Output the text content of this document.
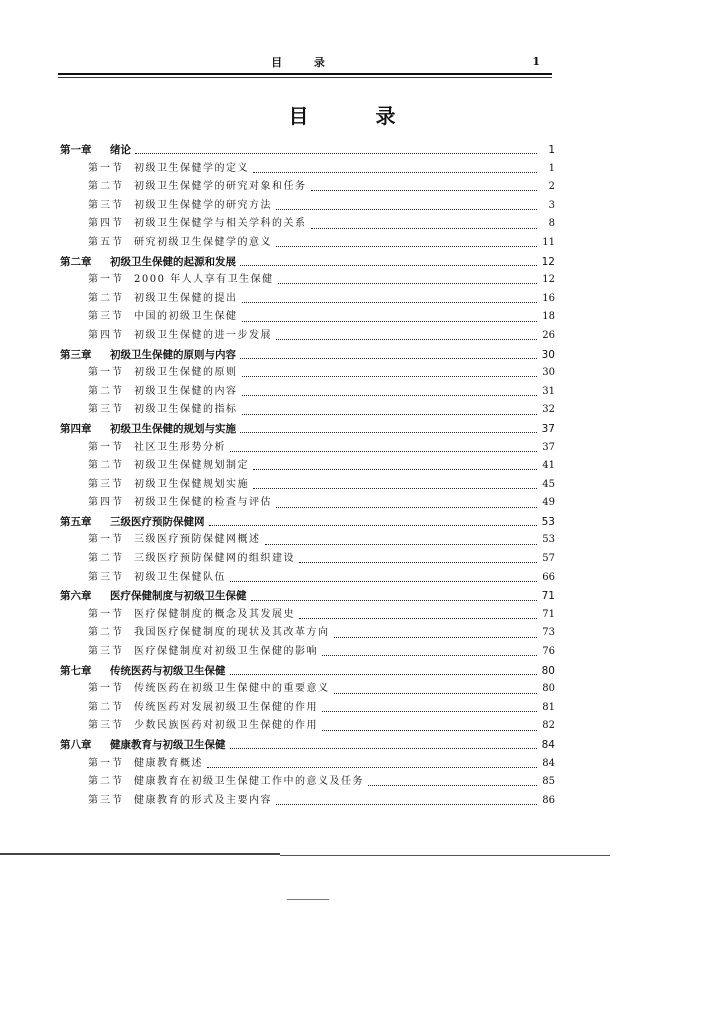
目 录	1
目 录
第一章	绪论	1
第一节	初级卫生保健学的定义	1
第二节	初级卫生保健学的研究对象和任务	2
第三节	初级卫生保健学的研究方法	3
第四节	初级卫生保健学与相关学科的关系	8
第五节	研究初级卫生保健学的意义	11
第二章	初级卫生保健的起源和发展	12
第一节	2000 年人人享有卫生保健	12
第二节	初级卫生保健的提出	16
第三节	中国的初级卫生保健	18
第四节	初级卫生保健的进一步发展	26
第三章	初级卫生保健的原则与内容	30
第一节	初级卫生保健的原则	30
第二节	初级卫生保健的内容	31
第三节	初级卫生保健的指标	32
第四章	初级卫生保健的规划与实施	37
第一节	社区卫生形势分析	37
第二节	初级卫生保健规划制定	41
第三节	初级卫生保健规划实施	45
第四节	初级卫生保健的检查与评估	49
第五章	三级医疗预防保健网	53
第一节	三级医疗预防保健网概述	53
第二节	三级医疗预防保健网的组织建设	57
第三节	初级卫生保健队伍	66
第六章	医疗保健制度与初级卫生保健	71
第一节	医疗保健制度的概念及其发展史	71
第二节	我国医疗保健制度的现状及其改革方向	73
第三节	医疗保健制度对初级卫生保健的影响	76
第七章	传统医药与初级卫生保健	80
第一节	传统医药在初级卫生保健中的重要意义	80
第二节	传统医药对发展初级卫生保健的作用	81
第三节	少数民族医药对初级卫生保健的作用	82
第八章	健康教育与初级卫生保健	84
第一节	健康教育概述	84
第二节	健康教育在初级卫生保健工作中的意义及任务	85
第三节	健康教育的形式及主要内容	86
